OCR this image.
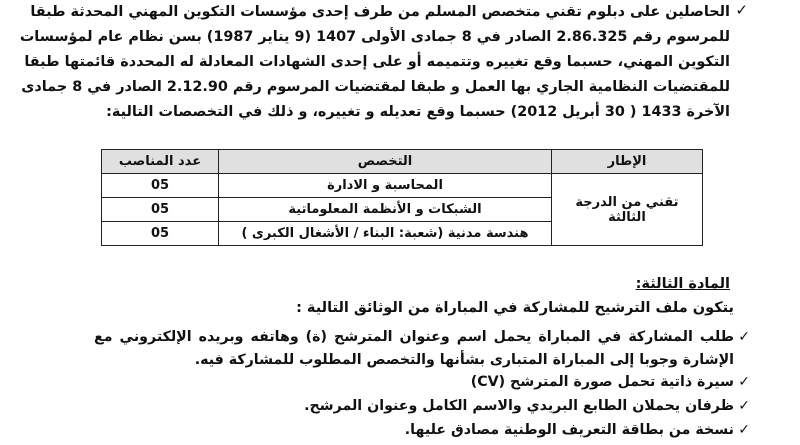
✓
الحاصلين على دبلوم تقني متخصص المسلم من طرف إحدى مؤسسات التكوين المهني المحدثة طبقا
للمرسوم رقم 2.86.325 الصادر في 8 جمادى الأولى 1407 (9 يناير 1987) بسن نظام عام لمؤسسات
التكوين المهني، حسبما وقع تغييره وتتميمه أو على إحدى الشهادات المعادلة له المحددة قائمتها طبقا
للمقتضيات النظامية الجاري بها العمل و طبقا لمقتضيات المرسوم رقم 2.12.90 الصادر في 8 جمادى
الآخرة 1433 ( 30 أبريل 2012) حسبما وقع تعديله و تغييره، و ذلك في التخصصات التالية:
الإطار	التخصص	عدد المناصب
تقني من الدرجة الثالثة	المحاسبة و الادارة	05
	الشبكات و الأنظمة المعلوماتية	05
	هندسة مدنية (شعبة: البناء / الأشغال الكبرى )	05
المادة الثالثة:
يتكون ملف الترشيح للمشاركة في المباراة من الوثائق التالية :
✓
طلب المشاركة في المباراة يحمل اسم وعنوان المترشح (ة) وهاتفه وبريده الإلكتروني مع الإشارة وجوبا إلى المباراة المتبارى بشأنها والتخصص المطلوب للمشاركة فيه.
✓
سيرة ذاتية تحمل صورة المترشح (CV)
✓
ظرفان يحملان الطابع البريدي والاسم الكامل وعنوان المرشح.
✓
نسخة من بطاقة التعريف الوطنية مصادق عليها.
